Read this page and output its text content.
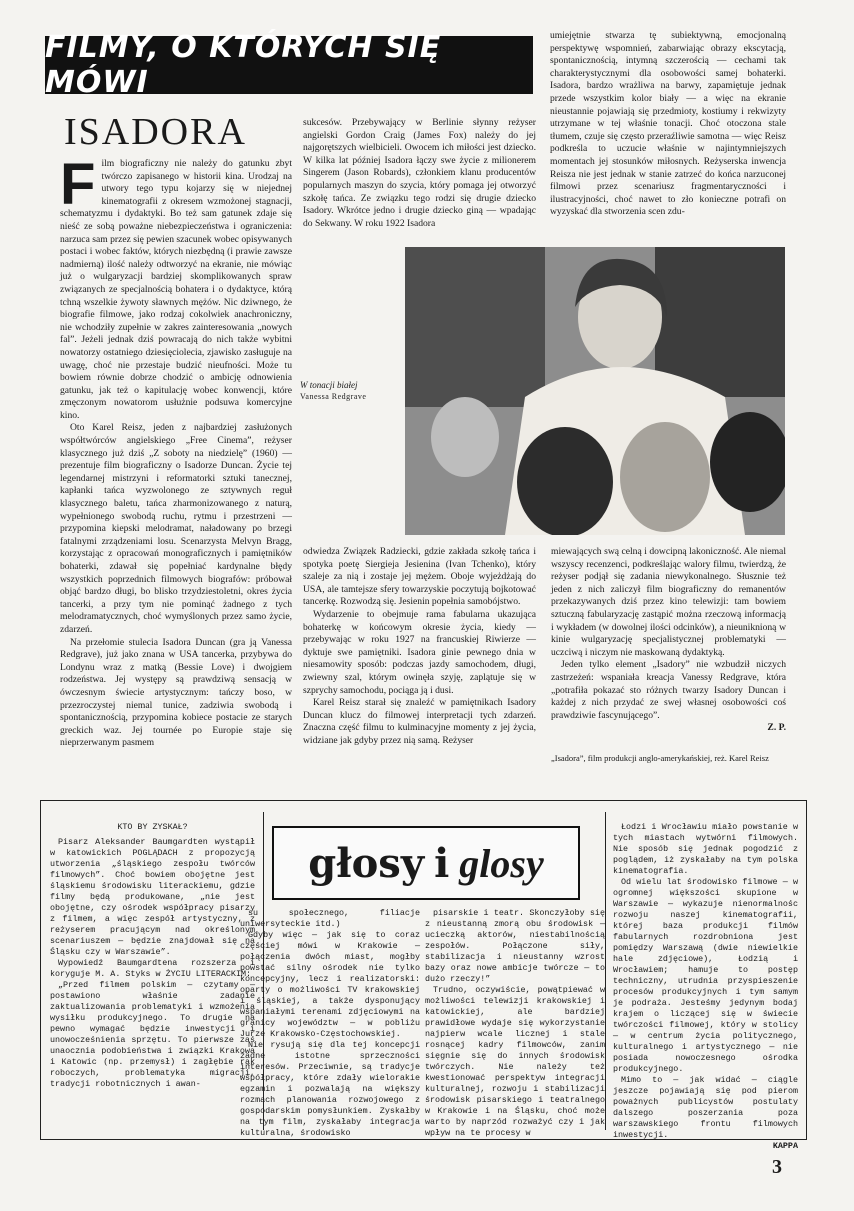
FILMY, O KTÓRYCH SIĘ MÓWI
ISADORA

Film biograficzny nie należy do gatunku zbyt twórczo zapisanego w historii kina. Urodzaj na utwory tego typu kojarzy się w niejednej kinematografii z okresem wzmożonej stagnacji, schematyzmu i dydaktyki. Bo też sam gatunek zdaje się nieść ze sobą poważne niebezpieczeństwa i ograniczenia: narzuca sam przez się pewien szacunek wobec opisywanych postaci i wobec faktów, których niezbędną (i prawie zawsze nadmierną) ilość należy odtworzyć na ekranie, nie mówiąc już o wulgaryzacji bardziej skomplikowanych spraw związanych ze specjalnością bohatera i o dydaktyce, którą tchną wszelkie żywoty sławnych mężów. Nic dziwnego, że biografie filmowe, jako rodzaj cokolwiek anachroniczny, nie wchodziły zupełnie w zakres zainteresowania „nowych fal”. Jeżeli jednak dziś powracają do nich także wybitni nowatorzy ostatniego dziesięciolecia, zjawisko zasługuje na uwagę, choć nie przestaje budzić nieufności. Może tu bowiem równie dobrze chodzić o ambicję odnowienia gatunku, jak też o kapitulację wobec konwencji, które zmęczonym nowatorom usłużnie podsuwa komercyjne kino.

Oto Karel Reisz, jeden z najbardziej zasłużonych współtwórców angielskiego „Free Cinema”, reżyser klasycznego już dziś „Z soboty na niedzielę” (1960) — prezentuje film biograficzny o Isadorze Duncan. Życie tej legendarnej mistrzyni i reformatorki sztuki tanecznej, kapłanki tańca wyzwolonego ze sztywnych reguł klasycznego baletu, tańca zharmonizowanego z naturą, wypełnionego swobodą ruchu, rytmu i przestrzeni — przypomina kiepski melodramat, naładowany po brzegi fatalnymi zrządzeniami losu. Scenarzysta Melvyn Bragg, korzystając z opracowań monograficznych i pamiętników bohaterki, zdawał się popełniać kardynalne błędy wszystkich poprzednich filmowych biografów: próbował objąć bardzo długi, bo blisko trzydziestoletni, okres życia tancerki, a przy tym nie pominąć żadnego z tych melodramatycznych, choć wymyślonych przez samo życie, zdarzeń.

Na przełomie stulecia Isadora Duncan (gra ją Vanessa Redgrave), już jako znana w USA tancerka, przybywa do Londynu wraz z matką (Bessie Love) i dwojgiem rodzeństwa. Jej występy są prawdziwą sensacją w ówczesnym świecie artystycznym: tańczy boso, w przezroczystej niemal tunice, zadziwia swobodą i spontanicznością, przypomina kobiece postacie ze starych greckich waz. Jej tournée po Europie staje się nieprzerwanym pasmem

sukcesów. Przebywający w Berlinie słynny reżyser angielski Gordon Craig (James Fox) należy do jej najgorętszych wielbicieli. Owocem ich miłości jest dziecko. W kilka lat później Isadora łączy swe życie z milionerem Singerem (Jason Robards), członkiem klanu producentów popularnych maszyn do szycia, który pomaga jej otworzyć szkołę tańca. Ze związku tego rodzi się drugie dziecko Isadory. Wkrótce jedno i drugie dziecko giną — wpadając do Sekwany. W roku 1922 Isadora

umiejętnie stwarza tę subiektywną, emocjonalną perspektywę wspomnień, zabarwiając obrazy ekscytacją, spontanicznością, intymną szczerością — cechami tak charakterystycznymi dla osobowości samej bohaterki. Isadora, bardzo wrażliwa na barwy, zapamiętuje jednak przede wszystkim kolor biały — a więc na ekranie nieustannie pojawiają się przedmioty, kostiumy i rekwizyty utrzymane w tej właśnie tonacji. Choć otoczona stale tłumem, czuje się często przeraźliwie samotna — więc Reisz podkreśla to uczucie właśnie w najintymniejszych momentach jej stosunków miłosnych. Reżyserska inwencja Reisza nie jest jednak w stanie zatrzeć do końca narzuconej filmowi przez scenariusz fragmentaryczności i ilustracyjności, choć nawet to zło konieczne potrafi on wyzyskać dla stworzenia scen zdu-

W tonacji białej
Vanessa Redgrave

odwiedza Związek Radziecki, gdzie zakłada szkołę tańca i spotyka poetę Siergieja Jesienina (Ivan Tchenko), który szaleje za nią i zostaje jej mężem. Oboje wyjeżdżają do USA, ale tamtejsze sfery towarzyskie poczytują bojkotować tancerkę. Rozwodzą się. Jesienin popełnia samobójstwo.

Wydarzenie to obejmuje rama fabularna ukazująca bohaterkę w końcowym okresie życia, kiedy — przebywając w roku 1927 na francuskiej Riwierze — dyktuje swe pamiętniki. Isadora ginie pewnego dnia w niesamowity sposób: podczas jazdy samochodem, długi, zwiewny szal, którym owinęła szyję, zaplątuje się w szprychy samochodu, pociąga ją i dusi.

Karel Reisz starał się znaleźć w pamiętnikach Isadory Duncan klucz do filmowej interpretacji tych zdarzeń. Znaczna część filmu to kulminacyjne momenty z jej życia, widziane jak gdyby przez nią samą. Reżyser

miewających swą celną i dowcipną lakoniczność. Ale niemal wszyscy recenzenci, podkreślając walory filmu, twierdzą, że reżyser podjął się zadania niewykonalnego. Słusznie też jeden z nich zaliczył film biograficzny do remanentów przekazywanych dziś przez kino telewizji: tam bowiem sztuczną fabularyzację zastąpić można rzeczową informacją i wykładem (w dowolnej ilości odcinków), a nieuniknioną w kinie wulgaryzację specjalistycznej problematyki — uczciwą i niczym nie maskowaną dydaktyką.

Jeden tylko element „Isadory” nie wzbudził niczych zastrzeżeń: wspaniała kreacja Vanessy Redgrave, która „potrafiła pokazać sto różnych twarzy Isadory Duncan i każdej z nich przydać ze swej własnej osobowości coś prawdziwie fascynującego”.

Z. P.
„Isadora”, film produkcji anglo-amerykańskiej, reż. Karel Reisz
głosy i glosy
KTO BY ZYSKAŁ?

Pisarz Aleksander Baumgardten wystąpił w katowickich POGLĄDACH z propozycją utworzenia „śląskiego zespołu twórców filmowych”. Choć bowiem obojętne jest śląskiemu środowisku literackiemu, gdzie filmy będą produkowane, „nie jest obojętne, czy ośrodek współpracy pisarzy z filmem, a więc zespół artystyczny, z reżyserem pracującym nad określonym scenariuszem — będzie znajdował się na Śląsku czy w Warszawie”.

Wypowiedź Baumgardtena rozszerza i koryguje M. A. Styks w ŻYCIU LITERACKIM:

„Przed filmem polskim — czytamy — postawiono właśnie zadanie zaktualizowania problematyki i wzmożenia wysiłku produkcyjnego. To drugie na pewno wymagać będzie inwestycji i unowocześnienia sprzętu. To pierwsze zaś unaocznia podobieństwa i związki Krakowa i Katowic (np. przemysł) i zagłębie rąk roboczych, problematyka migracji, tradycji robotnicznych i awan-

su społecznego, filiacje uniwersyteckie itd.)

Gdyby więc — jak się to coraz częściej mówi w Krakowie — połączenia dwóch miast, mogłby powstać silny ośrodek nie tylko koncepcyjny, lecz i realizatorski: oparty o możliwości TV krakowskiej i śląskiej, a także dysponujący wspaniałymi terenami zdjęciowymi na granicy województw — w pobliżu Jurze Krakowsko-Częstochowskiej.

Nie rysują się dla tej koncepcji żadne istotne sprzeczności interesów. Przeciwnie, są tradycje współpracy, które zdały wielorakie egzamin i pozwalają na większy rozmach planowania rozwojowego z gospodarskim pomysłunkiem. Zyskałby na tym film, zyskałaby integracja kulturalna, środowisko

pisarskie i teatr. Skonczyłoby się z nieustanną zmorą obu środowisk — ucieczką aktorów, niestabilnością zespołów. Połączone siły, stabilizacja i nieustanny wzrost bazy oraz nowe ambicje twórcze — to dużo rzeczy!”

Trudno, oczywiście, powątpiewać w możliwości telewizji krakowskiej i katowickiej, ale bardziej prawidłowe wydaje się wykorzystanie najpierw wcale licznej i stale rosnącej kadry filmowców, zanim sięgnie się do innych środowisk twórczych. Nie należy też kwestionować perspektyw integracji kulturalnej, rozwoju i stabilizacji środowisk pisarskiego i teatralnego w Krakowie i na Śląsku, choć może warto by naprzód rozważyć czy i jak wpływ na te procesy w

Łodzi i Wrocławiu miało powstanie w tych miastach wytwórni filmowych. Nie sposób się jednak pogodzić z poglądem, iż zyskałaby na tym polska kinematografia.

Od wielu lat środowisko filmowe — w ogromnej większości skupione w Warszawie — wykazuje nienormalnośc rozwoju naszej kinematografii, której baza produkcji filmów fabularnych rozdrobniona jest pomiędzy Warszawą (dwie niewielkie hale zdjęciowe), Łodzią i Wrocławiem; hamuje to postęp techniczny, utrudnia przyspieszenie procesów produkcyjnych i tym samym je podraża. Jesteśmy jedynym bodaj krajem o liczącej się w świecie twórczości filmowej, który w stolicy — w centrum życia politycznego, kulturalnego i artystycznego — nie posiada nowoczesnego ośrodka produkcyjnego.

Mimo to — jak widać — ciągle jeszcze pojawiają się pod pierom poważnych publicystów postulaty dalszego poszerzania poza warszawskiego frontu filmowych inwestycji.

KAPPA
3
